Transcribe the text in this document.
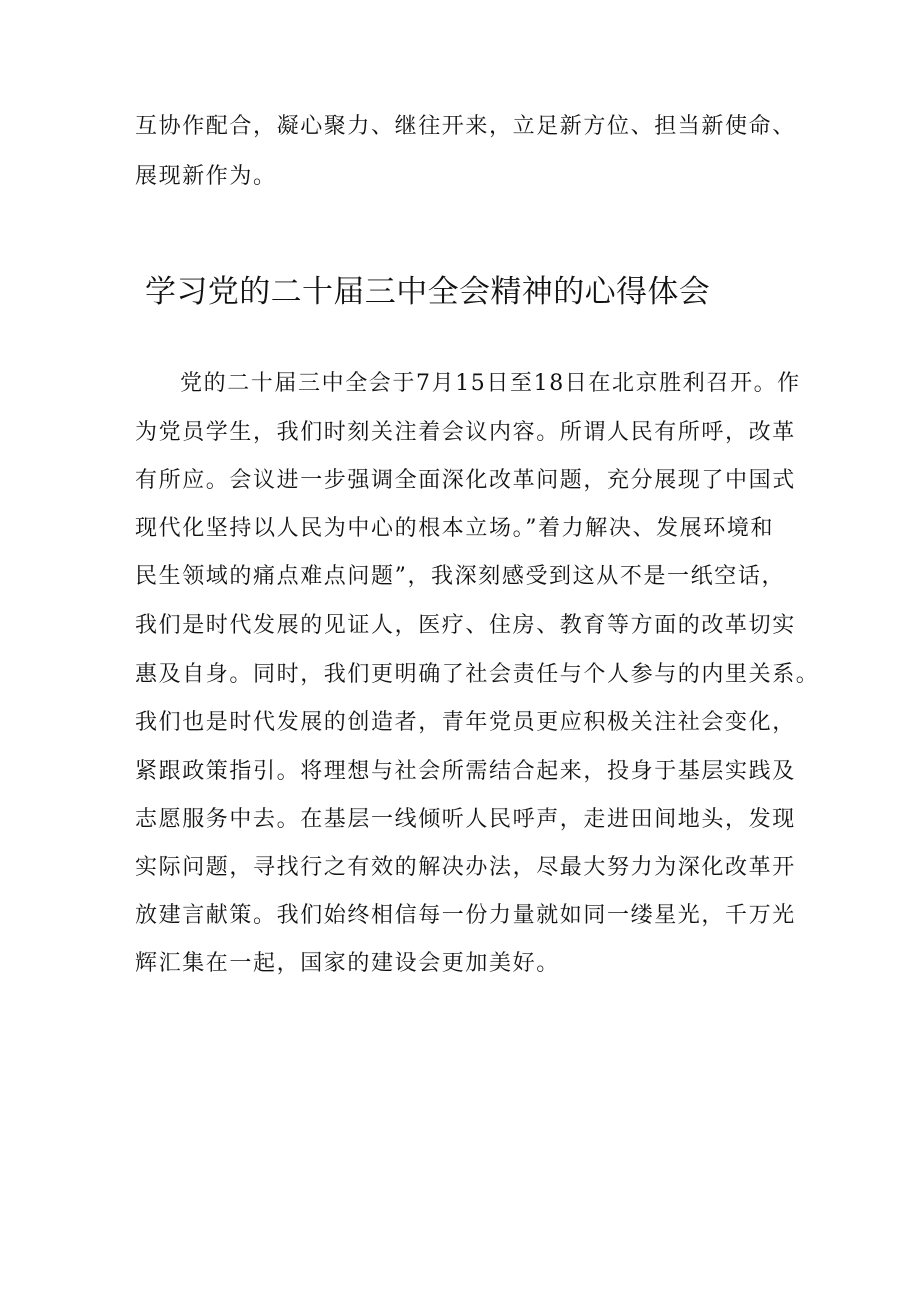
互协作配合，凝心聚力、继往开来，立足新方位、担当新使命、
展现新作为。
学习党的二十届三中全会精神的心得体会
党的二十届三中全会于7月15日至18日在北京胜利召开。作
为党员学生，我们时刻关注着会议内容。所谓人民有所呼，改革
有所应。会议进一步强调全面深化改革问题，充分展现了中国式
现代化坚持以人民为中心的根本立场。”着力解决、发展环境和
民生领域的痛点难点问题”，我深刻感受到这从不是一纸空话，
我们是时代发展的见证人，医疗、住房、教育等方面的改革切实
惠及自身。同时，我们更明确了社会责任与个人参与的内里关系。
我们也是时代发展的创造者，青年党员更应积极关注社会变化，
紧跟政策指引。将理想与社会所需结合起来，投身于基层实践及
志愿服务中去。在基层一线倾听人民呼声，走进田间地头，发现
实际问题，寻找行之有效的解决办法，尽最大努力为深化改革开
放建言献策。我们始终相信每一份力量就如同一缕星光，千万光
辉汇集在一起，国家的建设会更加美好。
